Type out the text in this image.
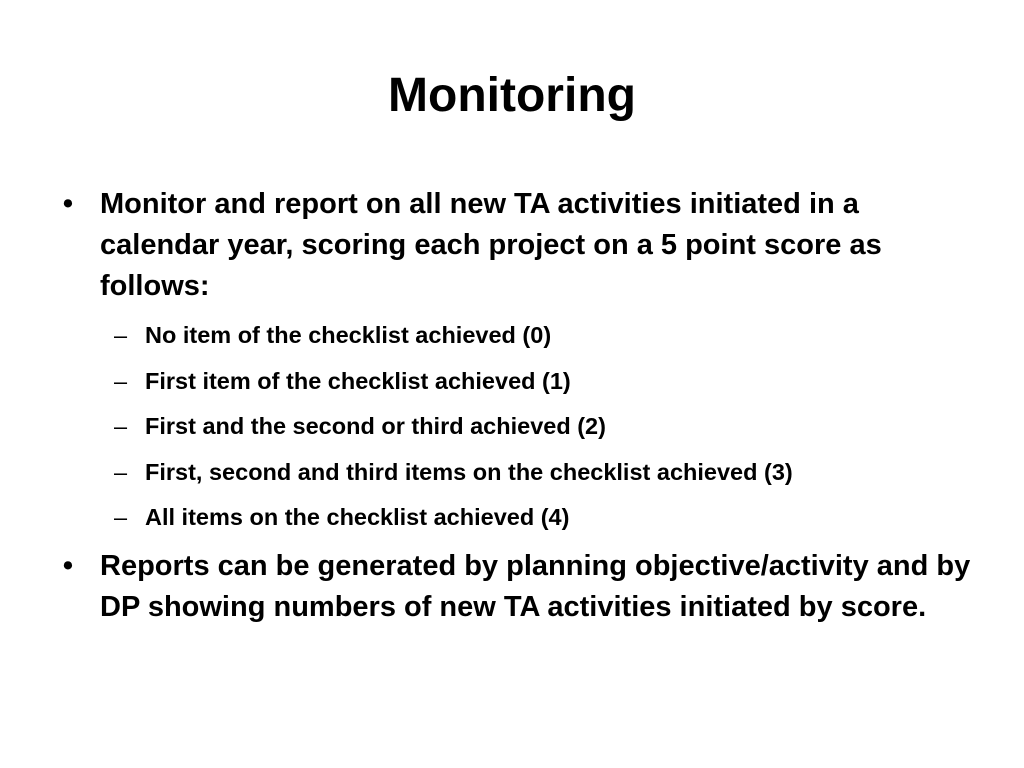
Monitoring
• Monitor and report on all new TA activities initiated in a calendar year, scoring each project on a 5 point score as follows:
– No item of the checklist achieved (0)
– First item of the checklist achieved (1)
– First and the second or third achieved (2)
– First, second and third items on the checklist achieved (3)
– All items on the checklist achieved (4)
• Reports can be generated by planning objective/activity and by DP showing numbers of new TA activities initiated by score.
